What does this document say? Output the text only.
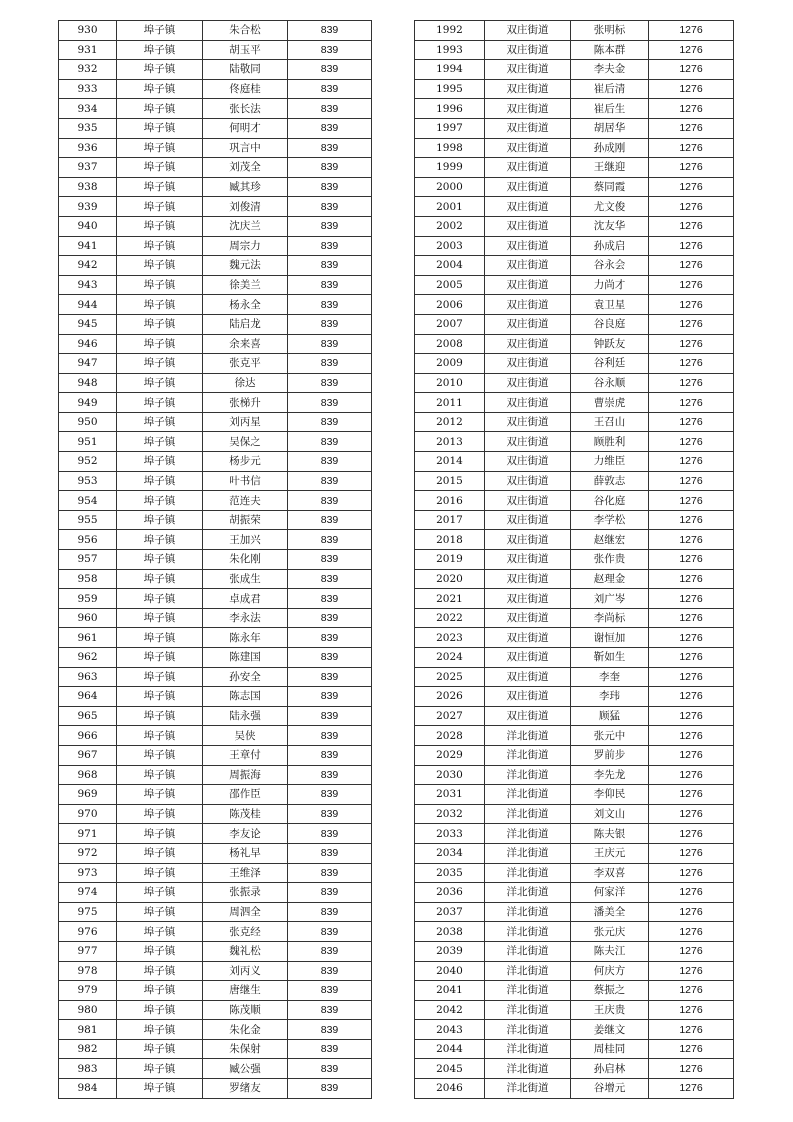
930	埠子镇	朱合松	839
931	埠子镇	胡玉平	839
932	埠子镇	陆敬同	839
933	埠子镇	佟庭桂	839
934	埠子镇	张长法	839
935	埠子镇	何明才	839
936	埠子镇	巩言中	839
937	埠子镇	刘茂全	839
938	埠子镇	臧其珍	839
939	埠子镇	刘俊清	839
940	埠子镇	沈庆兰	839
941	埠子镇	周宗力	839
942	埠子镇	魏元法	839
943	埠子镇	徐美兰	839
944	埠子镇	杨永全	839
945	埠子镇	陆启龙	839
946	埠子镇	余来喜	839
947	埠子镇	张克平	839
948	埠子镇	徐达	839
949	埠子镇	张梯升	839
950	埠子镇	刘丙星	839
951	埠子镇	吴保之	839
952	埠子镇	杨步元	839
953	埠子镇	叶书信	839
954	埠子镇	范连夫	839
955	埠子镇	胡振荣	839
956	埠子镇	王加兴	839
957	埠子镇	朱化刚	839
958	埠子镇	张成生	839
959	埠子镇	卓成君	839
960	埠子镇	李永法	839
961	埠子镇	陈永年	839
962	埠子镇	陈建国	839
963	埠子镇	孙安全	839
964	埠子镇	陈志国	839
965	埠子镇	陆永强	839
966	埠子镇	吴侠	839
967	埠子镇	王章付	839
968	埠子镇	周振海	839
969	埠子镇	邵作臣	839
970	埠子镇	陈茂桂	839
971	埠子镇	李友论	839
972	埠子镇	杨礼早	839
973	埠子镇	王维泽	839
974	埠子镇	张振录	839
975	埠子镇	周泗全	839
976	埠子镇	张克经	839
977	埠子镇	魏礼松	839
978	埠子镇	刘丙义	839
979	埠子镇	唐继生	839
980	埠子镇	陈茂顺	839
981	埠子镇	朱化金	839
982	埠子镇	朱保射	839
983	埠子镇	臧公强	839
984	埠子镇	罗绪友	839
1992	双庄街道	张明标	1276
1993	双庄街道	陈本群	1276
1994	双庄街道	李夫金	1276
1995	双庄街道	崔后清	1276
1996	双庄街道	崔后生	1276
1997	双庄街道	胡居华	1276
1998	双庄街道	孙成刚	1276
1999	双庄街道	王继迎	1276
2000	双庄街道	蔡同霞	1276
2001	双庄街道	尤文俊	1276
2002	双庄街道	沈友华	1276
2003	双庄街道	孙成启	1276
2004	双庄街道	谷永会	1276
2005	双庄街道	力尚才	1276
2006	双庄街道	袁卫星	1276
2007	双庄街道	谷良庭	1276
2008	双庄街道	钟跃友	1276
2009	双庄街道	谷利廷	1276
2010	双庄街道	谷永顺	1276
2011	双庄街道	曹崇虎	1276
2012	双庄街道	王召山	1276
2013	双庄街道	顾胜利	1276
2014	双庄街道	力维臣	1276
2015	双庄街道	薛敦志	1276
2016	双庄街道	谷化庭	1276
2017	双庄街道	李学松	1276
2018	双庄街道	赵继宏	1276
2019	双庄街道	张作贵	1276
2020	双庄街道	赵理金	1276
2021	双庄街道	刘广岑	1276
2022	双庄街道	李尚标	1276
2023	双庄街道	谢恒加	1276
2024	双庄街道	靳如生	1276
2025	双庄街道	李奎	1276
2026	双庄街道	李玮	1276
2027	双庄街道	顾猛	1276
2028	洋北街道	张元中	1276
2029	洋北街道	罗前步	1276
2030	洋北街道	李先龙	1276
2031	洋北街道	李仰民	1276
2032	洋北街道	刘文山	1276
2033	洋北街道	陈夫银	1276
2034	洋北街道	王庆元	1276
2035	洋北街道	李双喜	1276
2036	洋北街道	何家洋	1276
2037	洋北街道	潘美全	1276
2038	洋北街道	张元庆	1276
2039	洋北街道	陈夫江	1276
2040	洋北街道	何庆方	1276
2041	洋北街道	蔡振之	1276
2042	洋北街道	王庆贵	1276
2043	洋北街道	姜继文	1276
2044	洋北街道	周桂同	1276
2045	洋北街道	孙启林	1276
2046	洋北街道	谷增元	1276
